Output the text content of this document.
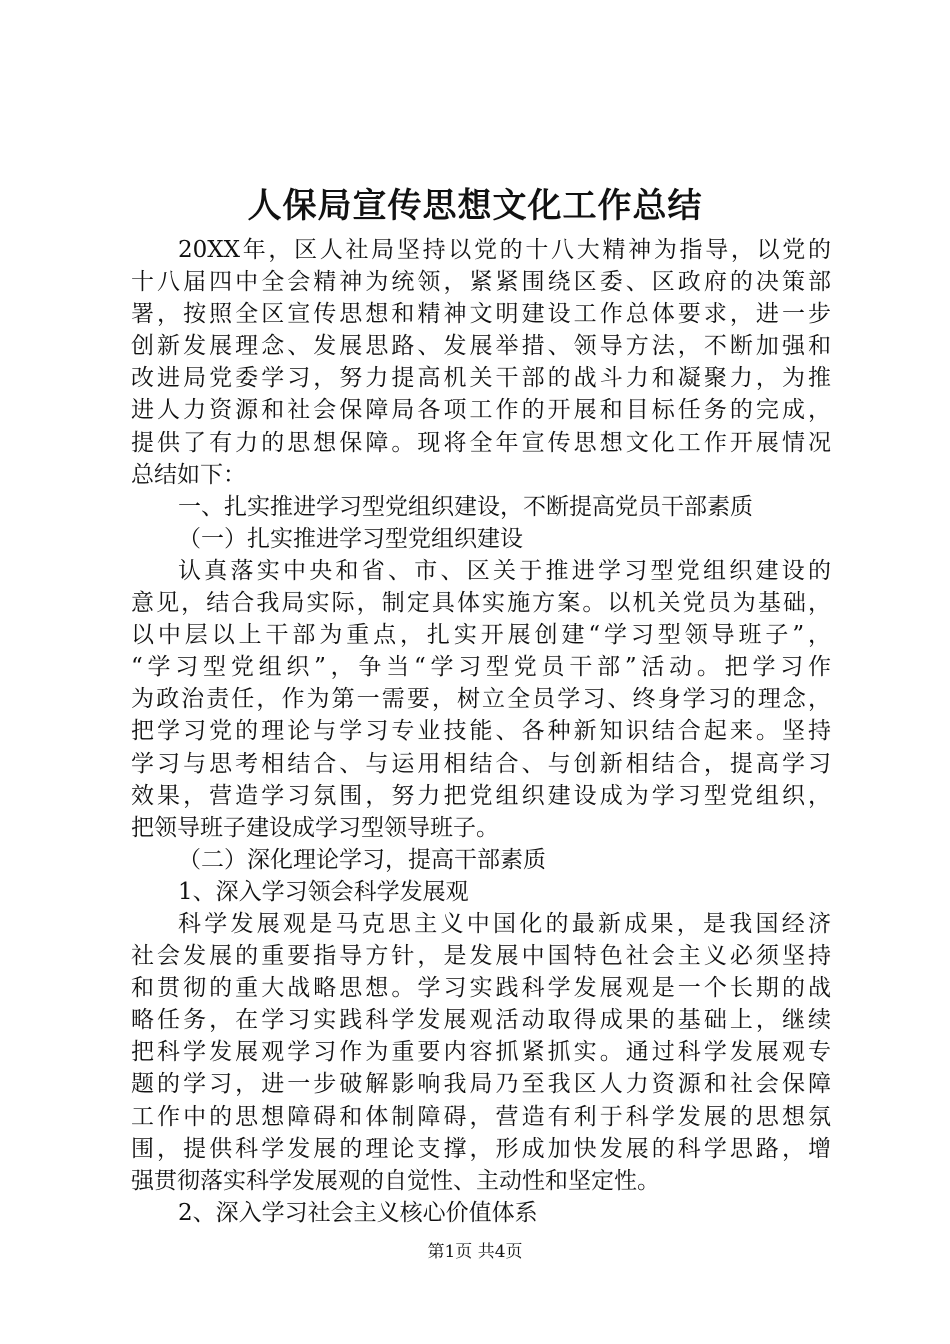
人保局宣传思想文化工作总结
20XX年，区人社局坚持以党的十八大精神为指导，以党的
十八届四中全会精神为统领，紧紧围绕区委、区政府的决策部
署，按照全区宣传思想和精神文明建设工作总体要求，进一步
创新发展理念、发展思路、发展举措、领导方法，不断加强和
改进局党委学习，努力提高机关干部的战斗力和凝聚力，为推
进人力资源和社会保障局各项工作的开展和目标任务的完成，
提供了有力的思想保障。现将全年宣传思想文化工作开展情况
总结如下：
一、扎实推进学习型党组织建设，不断提高党员干部素质
（一）扎实推进学习型党组织建设
认真落实中央和省、市、区关于推进学习型党组织建设的
意见，结合我局实际，制定具体实施方案。以机关党员为基础，
以中层以上干部为重点，扎实开展创建“学习型领导班子”，
“学习型党组织”，争当“学习型党员干部”活动。把学习作
为政治责任，作为第一需要，树立全员学习、终身学习的理念，
把学习党的理论与学习专业技能、各种新知识结合起来。坚持
学习与思考相结合、与运用相结合、与创新相结合，提高学习
效果，营造学习氛围，努力把党组织建设成为学习型党组织，
把领导班子建设成学习型领导班子。
（二）深化理论学习，提高干部素质
1、深入学习领会科学发展观
科学发展观是马克思主义中国化的最新成果，是我国经济
社会发展的重要指导方针，是发展中国特色社会主义必须坚持
和贯彻的重大战略思想。学习实践科学发展观是一个长期的战
略任务，在学习实践科学发展观活动取得成果的基础上，继续
把科学发展观学习作为重要内容抓紧抓实。通过科学发展观专
题的学习，进一步破解影响我局乃至我区人力资源和社会保障
工作中的思想障碍和体制障碍，营造有利于科学发展的思想氛
围，提供科学发展的理论支撑，形成加快发展的科学思路，增
强贯彻落实科学发展观的自觉性、主动性和坚定性。
2、深入学习社会主义核心价值体系
第1页 共4页
